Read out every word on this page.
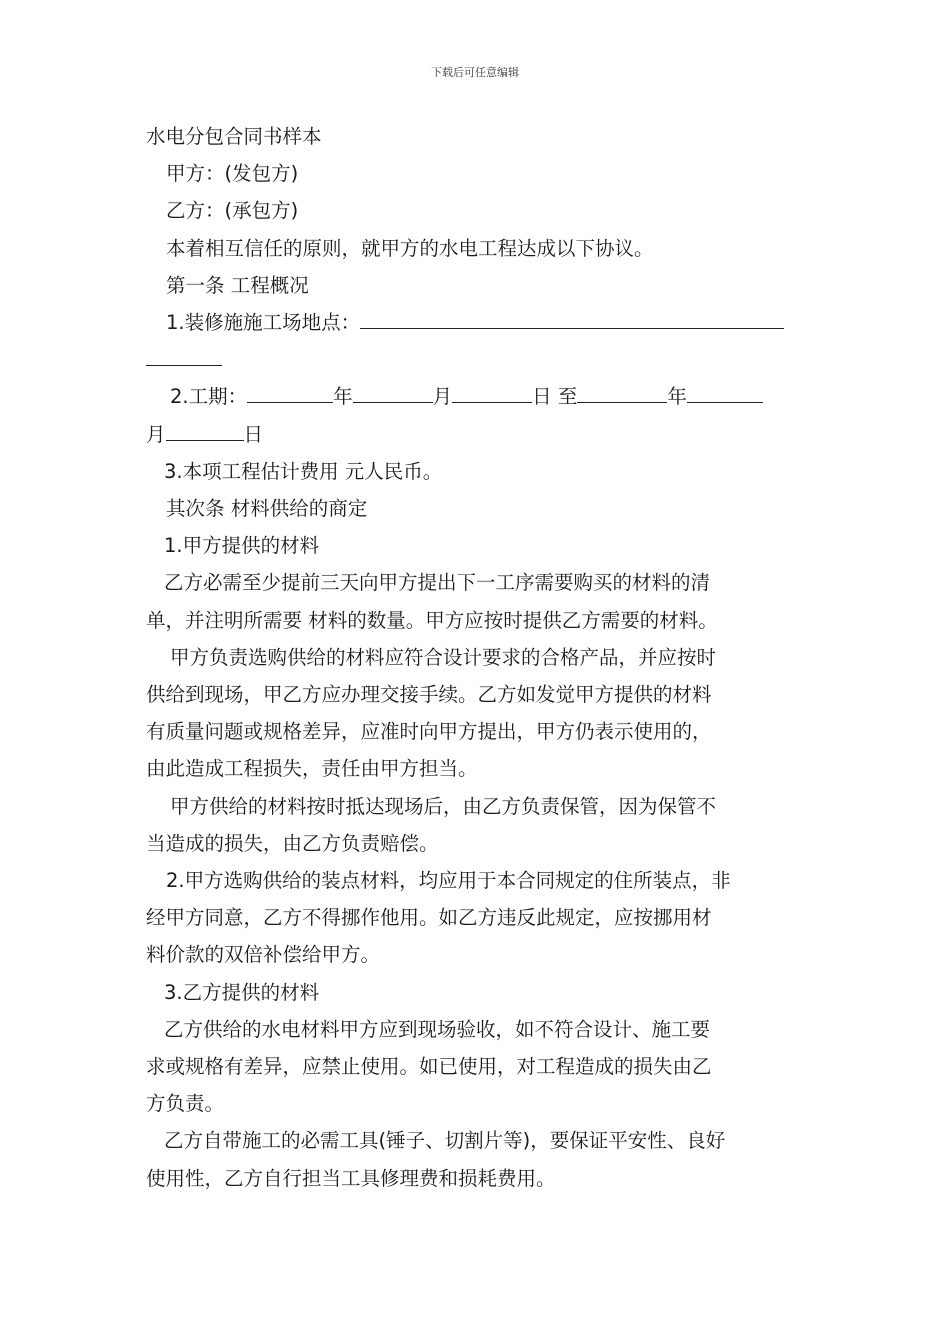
下载后可任意编辑
水电分包合同书样本
甲方：(发包方)
乙方：(承包方)
本着相互信任的原则，就甲方的水电工程达成以下协议。
第一条 工程概况
1.装修施施工场地点：
2.工期：	年	月	日 至	年
月	日
3.本项工程估计费用 元人民币。
其次条 材料供给的商定
1.甲方提供的材料
乙方必需至少提前三天向甲方提出下一工序需要购买的材料的清
单，并注明所需要 材料的数量。甲方应按时提供乙方需要的材料。
甲方负责选购供给的材料应符合设计要求的合格产品，并应按时
供给到现场，甲乙方应办理交接手续。乙方如发觉甲方提供的材料
有质量问题或规格差异，应准时向甲方提出，甲方仍表示使用的，
由此造成工程损失，责任由甲方担当。
甲方供给的材料按时抵达现场后，由乙方负责保管，因为保管不
当造成的损失，由乙方负责赔偿。
2.甲方选购供给的装点材料，均应用于本合同规定的住所装点，非
经甲方同意，乙方不得挪作他用。如乙方违反此规定，应按挪用材
料价款的双倍补偿给甲方。
3.乙方提供的材料
乙方供给的水电材料甲方应到现场验收，如不符合设计、施工要
求或规格有差异，应禁止使用。如已使用，对工程造成的损失由乙
方负责。
乙方自带施工的必需工具(锤子、切割片等)，要保证平安性、良好
使用性，乙方自行担当工具修理费和损耗费用。
